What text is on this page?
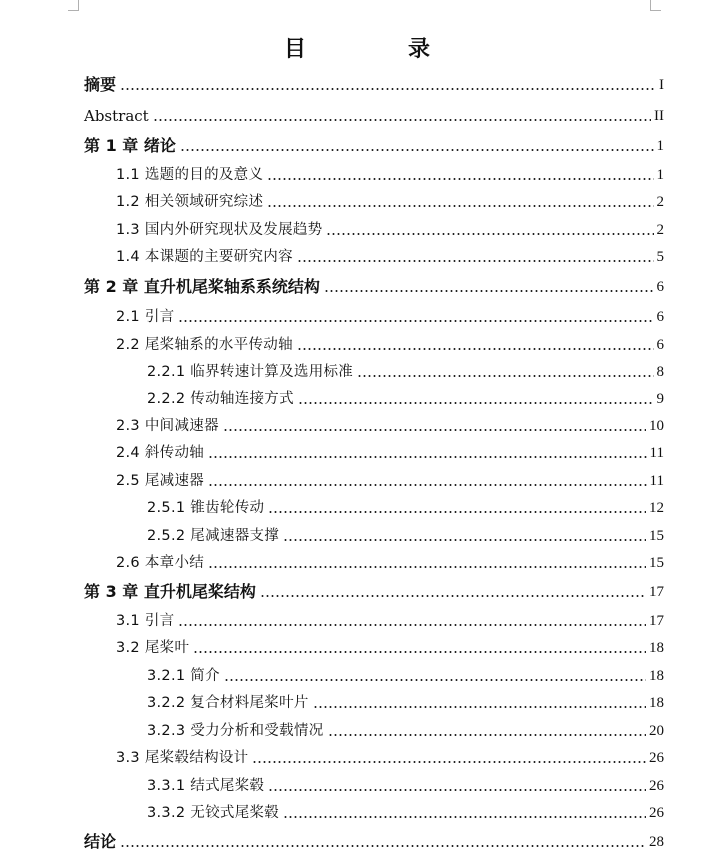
目　录
摘要	I
Abstract	II
第 1 章 绪论	1
1.1 选题的目的及意义	1
1.2 相关领域研究综述	2
1.3 国内外研究现状及发展趋势	2
1.4 本课题的主要研究内容	5
第 2 章 直升机尾桨轴系系统结构	6
2.1 引言	6
2.2 尾桨轴系的水平传动轴	6
2.2.1 临界转速计算及选用标准	8
2.2.2 传动轴连接方式	9
2.3 中间减速器	10
2.4 斜传动轴	11
2.5 尾减速器	11
2.5.1 锥齿轮传动	12
2.5.2 尾减速器支撑	15
2.6 本章小结	15
第 3 章 直升机尾桨结构	17
3.1 引言	17
3.2 尾桨叶	18
3.2.1 简介	18
3.2.2 复合材料尾桨叶片	18
3.2.3 受力分析和受载情况	20
3.3 尾桨毂结构设计	26
3.3.1 结式尾桨毂	26
3.3.2 无铰式尾桨毂	26
结论	28
